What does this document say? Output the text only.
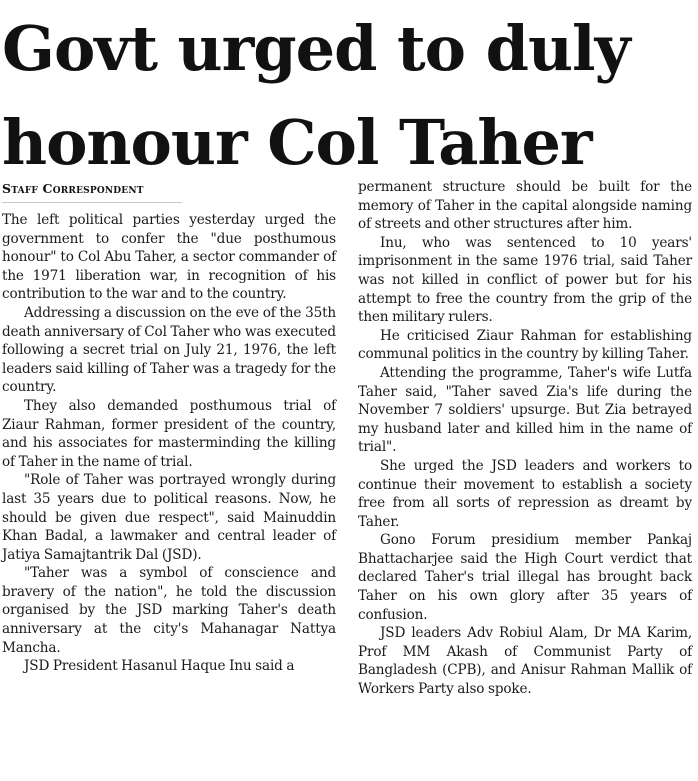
Govt urged to duly
honour Col Taher
Staff Correspondent

The left political parties yesterday urged the government to confer the "due posthumous honour" to Col Abu Taher, a sector commander of the 1971 liberation war, in recognition of his contribution to the war and to the country.

Addressing a discussion on the eve of the 35th death anniversary of Col Taher who was executed following a secret trial on July 21, 1976, the left leaders said killing of Taher was a tragedy for the country.

They also demanded posthumous trial of Ziaur Rahman, former president of the country, and his associates for masterminding the killing of Taher in the name of trial.

"Role of Taher was portrayed wrongly during last 35 years due to political reasons. Now, he should be given due respect", said Mainuddin Khan Badal, a lawmaker and central leader of Jatiya Samajtantrik Dal (JSD).

"Taher was a symbol of conscience and bravery of the nation", he told the discussion organised by the JSD marking Taher's death anniversary at the city's Mahanagar Nattya Mancha.

JSD President Hasanul Haque Inu said a

permanent structure should be built for the memory of Taher in the capital alongside naming of streets and other structures after him.

Inu, who was sentenced to 10 years' imprisonment in the same 1976 trial, said Taher was not killed in conflict of power but for his attempt to free the country from the grip of the then military rulers.

He criticised Ziaur Rahman for establishing communal politics in the country by killing Taher.

Attending the programme, Taher's wife Lutfa Taher said, "Taher saved Zia's life during the November 7 soldiers' upsurge. But Zia betrayed my husband later and killed him in the name of trial".

She urged the JSD leaders and workers to continue their movement to establish a society free from all sorts of repression as dreamt by Taher.

Gono Forum presidium member Pankaj Bhattacharjee said the High Court verdict that declared Taher's trial illegal has brought back Taher on his own glory after 35 years of confusion.

JSD leaders Adv Robiul Alam, Dr MA Karim, Prof MM Akash of Communist Party of Bangladesh (CPB), and Anisur Rahman Mallik of Workers Party also spoke.
